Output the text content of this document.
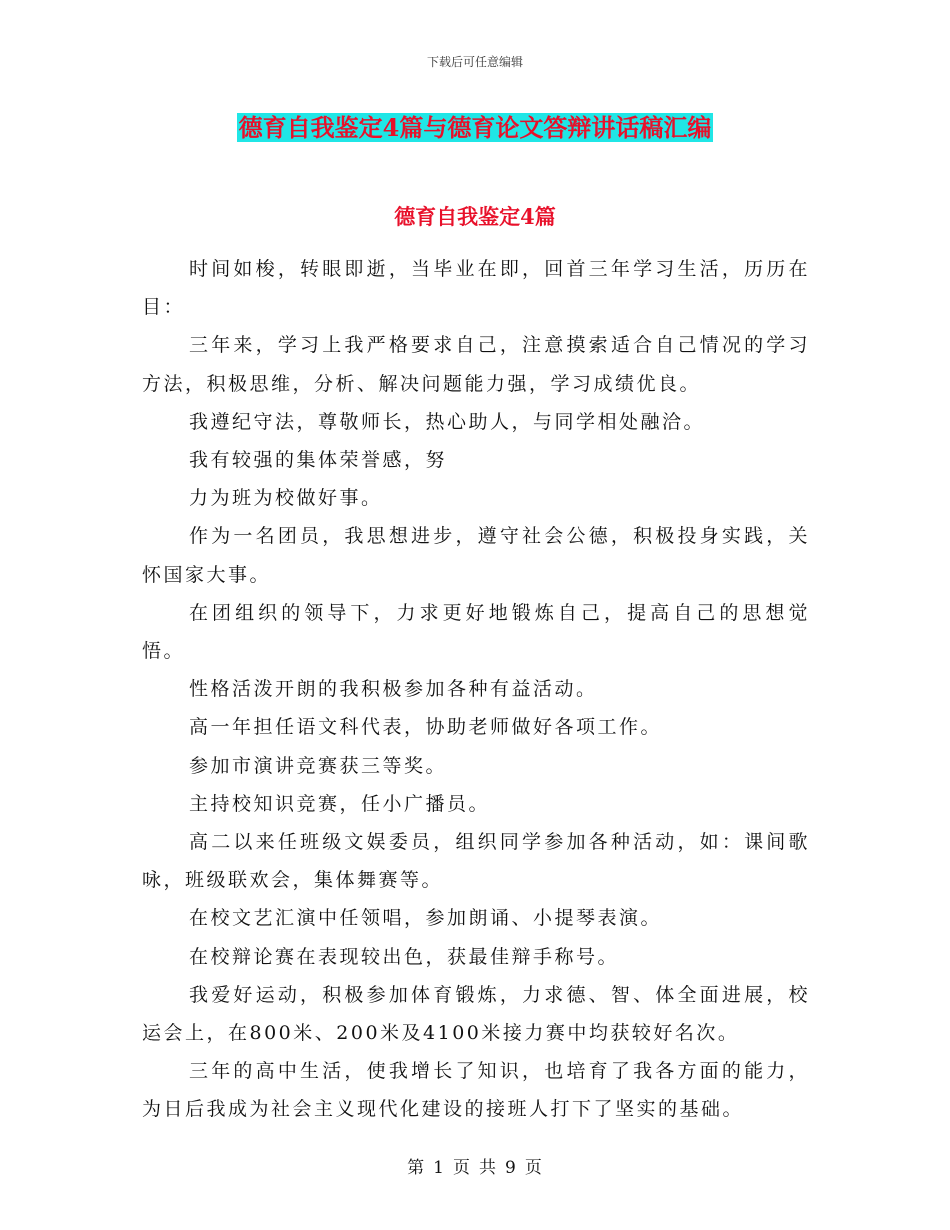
下载后可任意编辑
德育自我鉴定4篇与德育论文答辩讲话稿汇编
德育自我鉴定4篇

时间如梭，转眼即逝，当毕业在即，回首三年学习生活，历历在目：

三年来，学习上我严格要求自己，注意摸索适合自己情况的学习方法，积极思维，分析、解决问题能力强，学习成绩优良。

我遵纪守法，尊敬师长，热心助人，与同学相处融洽。

我有较强的集体荣誉感，努

力为班为校做好事。

作为一名团员，我思想进步，遵守社会公德，积极投身实践，关怀国家大事。

在团组织的领导下，力求更好地锻炼自己，提高自己的思想觉悟。

性格活泼开朗的我积极参加各种有益活动。

高一年担任语文科代表，协助老师做好各项工作。

参加市演讲竞赛获三等奖。

主持校知识竞赛，任小广播员。

高二以来任班级文娱委员，组织同学参加各种活动，如：课间歌咏，班级联欢会，集体舞赛等。

在校文艺汇演中任领唱，参加朗诵、小提琴表演。

在校辩论赛在表现较出色，获最佳辩手称号。

我爱好运动，积极参加体育锻炼，力求德、智、体全面进展，校运会上，在800米、200米及4100米接力赛中均获较好名次。

三年的高中生活，使我增长了知识，也培育了我各方面的能力，为日后我成为社会主义现代化建设的接班人打下了坚实的基础。

第 1 页 共 9 页
